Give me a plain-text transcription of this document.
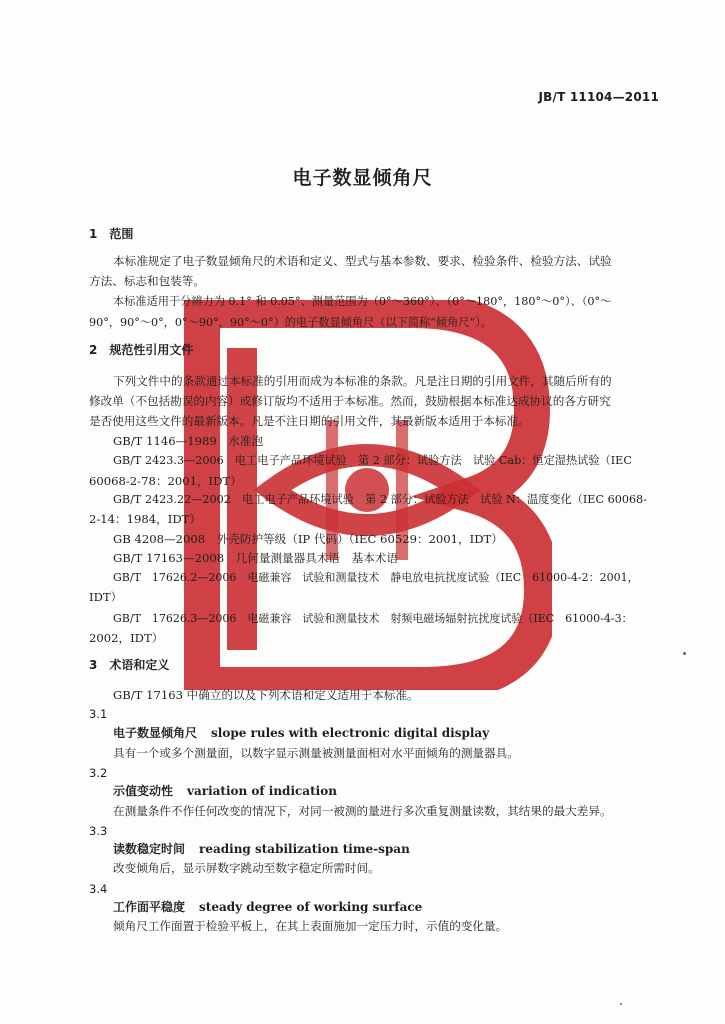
JB/T 11104—2011
电子数显倾角尺
1　范围
本标准规定了电子数显倾角尺的术语和定义、型式与基本参数、要求、检验条件、检验方法、试验
方法、标志和包装等。
本标准适用于分辨力为 0.1° 和 0.05°、测量范围为（0°～360°）、（0°～180°，180°～0°）、（0°～
90°，90°～0°，0°～90°，90°～0°）的电子数显倾角尺（以下简称“倾角尺”）。
2　规范性引用文件
下列文件中的条款通过本标准的引用而成为本标准的条款。凡是注日期的引用文件，其随后所有的
修改单（不包括勘误的内容）或修订版均不适用于本标准。然而，鼓励根据本标准达成协议的各方研究
是否使用这些文件的最新版本。凡是不注日期的引用文件，其最新版本适用于本标准。
GB/T 1146—1989　水准泡
GB/T 2423.3—2006　电工电子产品环境试验　第 2 部分：试验方法　试验 Cab：恒定湿热试验（IEC
60068-2-78：2001，IDT）
GB/T 2423.22—2002　电工电子产品环境试验　第 2 部分：试验方法　试验 N：温度变化（IEC 60068-
2-14：1984，IDT）
GB 4208—2008　外壳防护等级（IP 代码）（IEC 60529：2001，IDT）
GB/T 17163—2008　几何量测量器具术语　基本术语
GB/T　17626.2—2006　电磁兼容　试验和测量技术　静电放电抗扰度试验（IEC　61000-4-2：2001，
IDT）
GB/T　17626.3—2006　电磁兼容　试验和测量技术　射频电磁场辐射抗扰度试验（IEC　61000-4-3：
2002，IDT）
3　术语和定义
GB/T 17163 中确立的以及下列术语和定义适用于本标准。
3.1
电子数显倾角尺 slope rules with electronic digital display
具有一个或多个测量面，以数字显示测量被测量面相对水平面倾角的测量器具。
3.2
示值变动性 variation of indication
在测量条件不作任何改变的情况下，对同一被测的量进行多次重复测量读数，其结果的最大差异。
3.3
读数稳定时间 reading stabilization time-span
改变倾角后，显示屏数字跳动至数字稳定所需时间。
3.4
工作面平稳度 steady degree of working surface
倾角尺工作面置于检验平板上，在其上表面施加一定压力时，示值的变化量。
